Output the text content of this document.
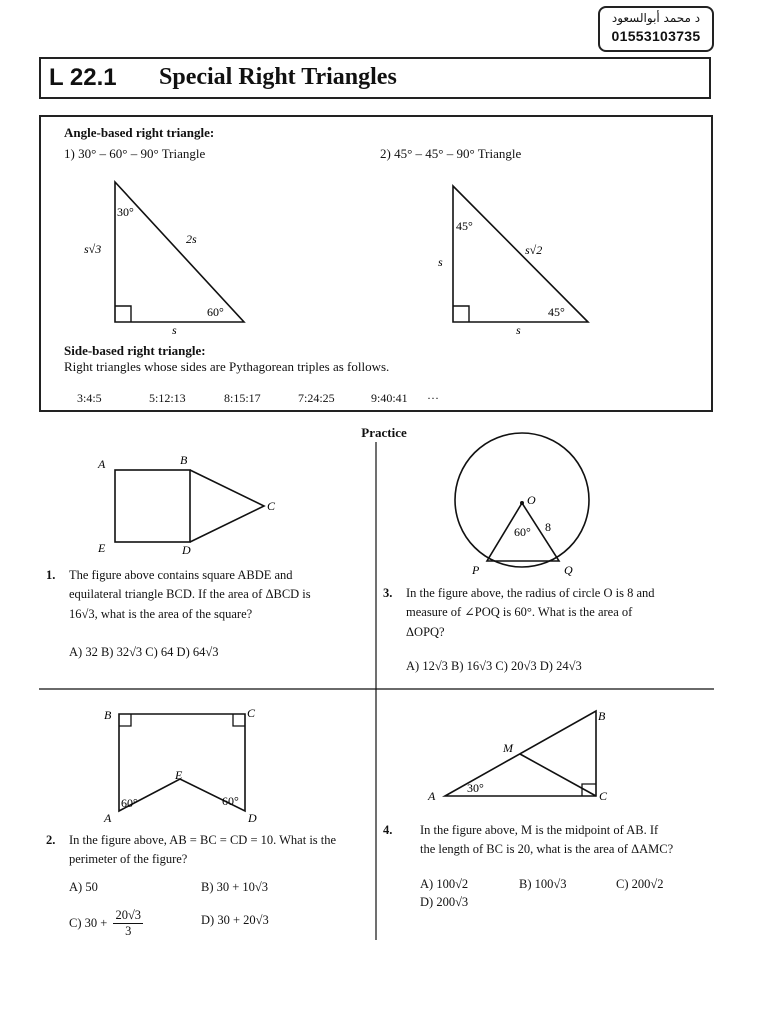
د محمد أبوالسعود
01553103735
L 22.1 Special Right Triangles
Angle-based right triangle:
1) 30° – 60° – 90° Triangle	2) 45° – 45° – 90° Triangle
30°
60°
2s
s√3
s
45°
45°
s√2
s
s
A	B
C
D
E
O
60° 8
P	Q
B	C
E
A	D
60°	60°
B
M
30°
A	C
Side-based right triangle:
Right triangles whose sides are Pythagorean triples as follows.
3:4:5	5:12:13	8:15:17	7:24:25	9:40:41 ···
Practice
1. The figure above contains square ABDE and
equilateral triangle BCD. If the area of ΔBCD is
16√3, what is the area of the square?
A) 32 B) 32√3 C) 64 D) 64√3
3. In the figure above, the radius of circle O is 8 and
measure of ∠POQ is 60°. What is the area of
ΔOPQ?
A) 12√3 B) 16√3 C) 20√3 D) 24√3
2. In the figure above, AB = BC = CD = 10. What is the
perimeter of the figure?
A) 50	B) 30 + 10√3
C) $30 + \frac{20√3}{3}$	D) 30 + 20√3
4. In the figure above, M is the midpoint of AB. If
the length of BC is 20, what is the area of ΔAMC?
A) 100√2	B) 100√3	C) 200√2
D) 200√3
